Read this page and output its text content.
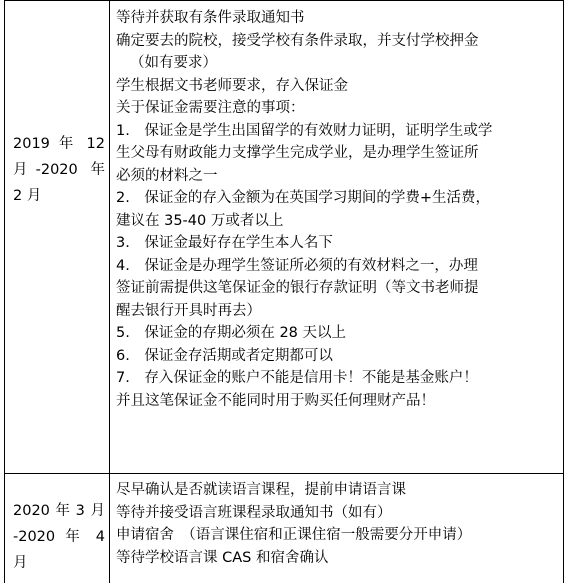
2019 年 12
月-2020 年
2 月
等待并获取有条件录取通知书
确定要去的院校，接受学校有条件录取，并支付学校押金
（如有要求）
学生根据文书老师要求，存入保证金
关于保证金需要注意的事项：
1.　保证金是学生出国留学的有效财力证明，证明学生或学
生父母有财政能力支撑学生完成学业，是办理学生签证所
必须的材料之一
2.　保证金的存入金额为在英国学习期间的学费+生活费，
建议在 35-40 万或者以上
3.　保证金最好存在学生本人名下
4.　保证金是办理学生签证所必须的有效材料之一，办理
签证前需提供这笔保证金的银行存款证明（等文书老师提
醒去银行开具时再去）
5.　保证金的存期必须在 28 天以上
6.　保证金存活期或者定期都可以
7.　存入保证金的账户不能是信用卡！不能是基金账户！
并且这笔保证金不能同时用于购买任何理财产品！
2020年3月
-2020 年 4
月
尽早确认是否就读语言课程，提前申请语言课
等待并接受语言班课程录取通知书（如有）
申请宿舍　（语言课住宿和正课住宿一般需要分开申请）
等待学校语言课 CAS 和宿舍确认
